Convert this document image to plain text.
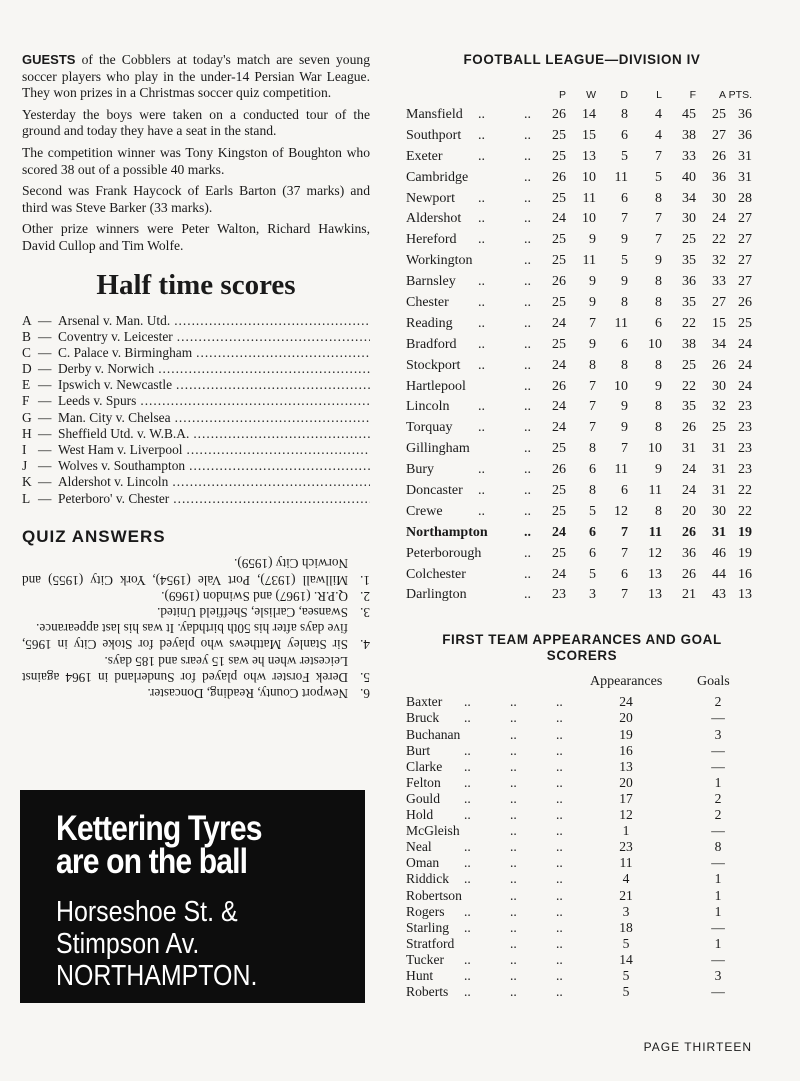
GUESTS of the Cobblers at today's match are seven young soccer players who play in the under-14 Persian War League. They won prizes in a Christmas soccer quiz competition.

Yesterday the boys were taken on a conducted tour of the ground and today they have a seat in the stand.

The competition winner was Tony Kingston of Boughton who scored 38 out of a possible 40 marks.

Second was Frank Haycock of Earls Barton (37 marks) and third was Steve Barker (33 marks).

Other prize winners were Peter Walton, Richard Hawkins, David Cullop and Tim Wolfe.

Half time scores
A — Arsenal v. Man. Utd.
.....
B — Coventry v. Leicester
.....
C — C. Palace v. Birmingham
.....
D — Derby v. Norwich
.....
E — Ipswich v. Newcastle
.....
F — Leeds v. Spurs
.....
G — Man. City v. Chelsea
.....
H — Sheffield Utd. v. W.B.A.
.....
I — West Ham v. Liverpool
.....
J — Wolves v. Southampton
.....
K — Aldershot v. Lincoln
.....
L — Peterboro' v. Chester
.....
QUIZ ANSWERS
Newport County, Reading, Doncaster. 6.
Derek Forster who played for Sunderland in 1964 against Leicester when he was 15 years and 185 days.
5.
Sir Stanley Matthews who played for Stoke City in 1965, five days after his 50th birthday. It was his last appearance.
4.
Swansea, Carlisle, Sheffield United. 3.
Q.P.R. (1967) and Swindon (1969). 2.
Millwall (1937), Port Vale (1954), York City (1955) and Norwich City (1959).
1.
Kettering Tyres
are on the ball
Horseshoe St. &
Stimpson Av.
NORTHAMPTON.
FOOTBALL LEAGUE—DIVISION IV
P	W	D	L	F	A PTS.
Mansfield ..	..	26	14	8	4	45	25 36
Southport ..	..	25	15	6	4	38	27 36
Exeter	..	..	25	13	5	7	33	26 31
Cambridge	..	26	10	11	5	40	36 31
Newport ..	..	25	11	6	8	34	30 28
Aldershot ..	..	24	10	7	7	30	24 27
Hereford ..	..	25	9	9	7	25	22 27
Workington	..	25	11	5	9	35	32 27
Barnsley ..	..	26	9	9	8	36	33 27
Chester ..	..	25	9	8	8	35	27 26
Reading ..	..	24	7	11	6	22	15 25
Bradford ..	..	25	9	6	10	38	34 24
Stockport ..	..	24	8	8	8	25	26 24
Hartlepool	..	26	7	10	9	22	30 24
Lincoln ..	..	24	7	9	8	35	32 23
Torquay ..	..	24	7	9	8	26	25 23
Gillingham	..	25	8	7	10	31	31 23
Bury	..	..	26	6	11	9	24	31 23
Doncaster ..	..	25	8	6	11	24	31 22
Crewe	..	..	25	5	12	8	20	30 22
Northampton	..	24	6	7	11	26	31 19
Peterborough	..	25	6	7	12	36	46 19
Colchester	..	24	5	6	13	26	44 16
Darlington	..	23	3	7	13	21	43 13
FIRST TEAM APPEARANCES AND GOAL SCORERS
Appearances Goals
Baxter ..	..	..	24	2
Bruck ..	..	..	20	—
Buchanan	..	..	19	3
Burt ..	..	..	16	—
Clarke ..	..	..	13	—
Felton ..	..	..	20	1
Gould ..	..	..	17	2
Hold ..	..	..	12	2
McGleish	..	..	1	—
Neal ..	..	..	23	8
Oman ..	..	..	11	—
Riddick ..	..	..	4	1
Robertson	..	..	21	1
Rogers ..	..	..	3	1
Starling ..	..	..	18	—
Stratford	..	..	5	1
Tucker ..	..	..	14	—
Hunt ..	..	..	5	3
Roberts ..	..	..	5	—
PAGE THIRTEEN
